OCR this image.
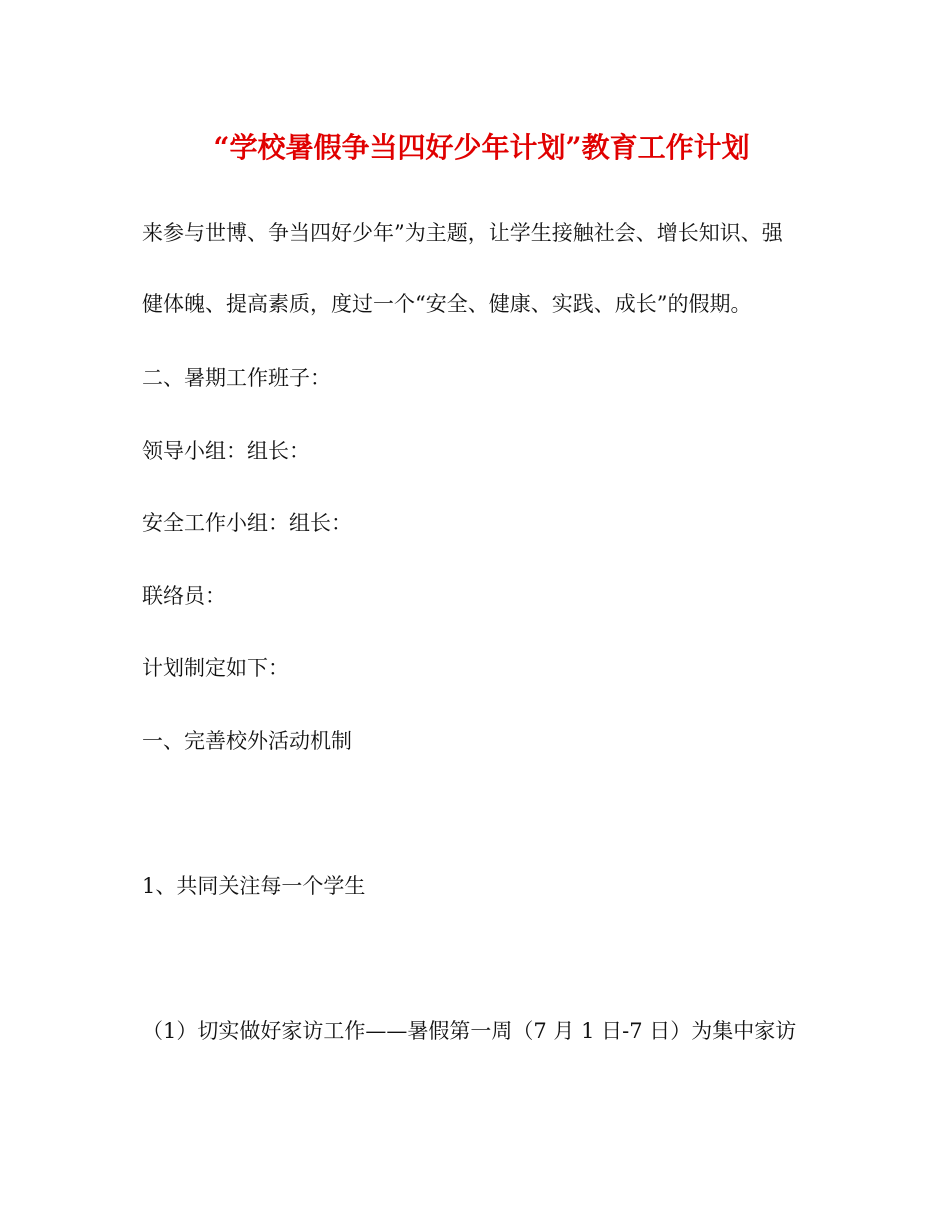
“学校暑假争当四好少年计划”教育工作计划
来参与世博、争当四好少年”为主题，让学生接触社会、增长知识、强
健体魄、提高素质，度过一个“安全、健康、实践、成长”的假期。
二、暑期工作班子：
领导小组：组长：
安全工作小组：组长：
联络员：
计划制定如下：
一、完善校外活动机制
1、共同关注每一个学生
（1）切实做好家访工作——暑假第一周（7 月 1 日-7 日）为集中家访
